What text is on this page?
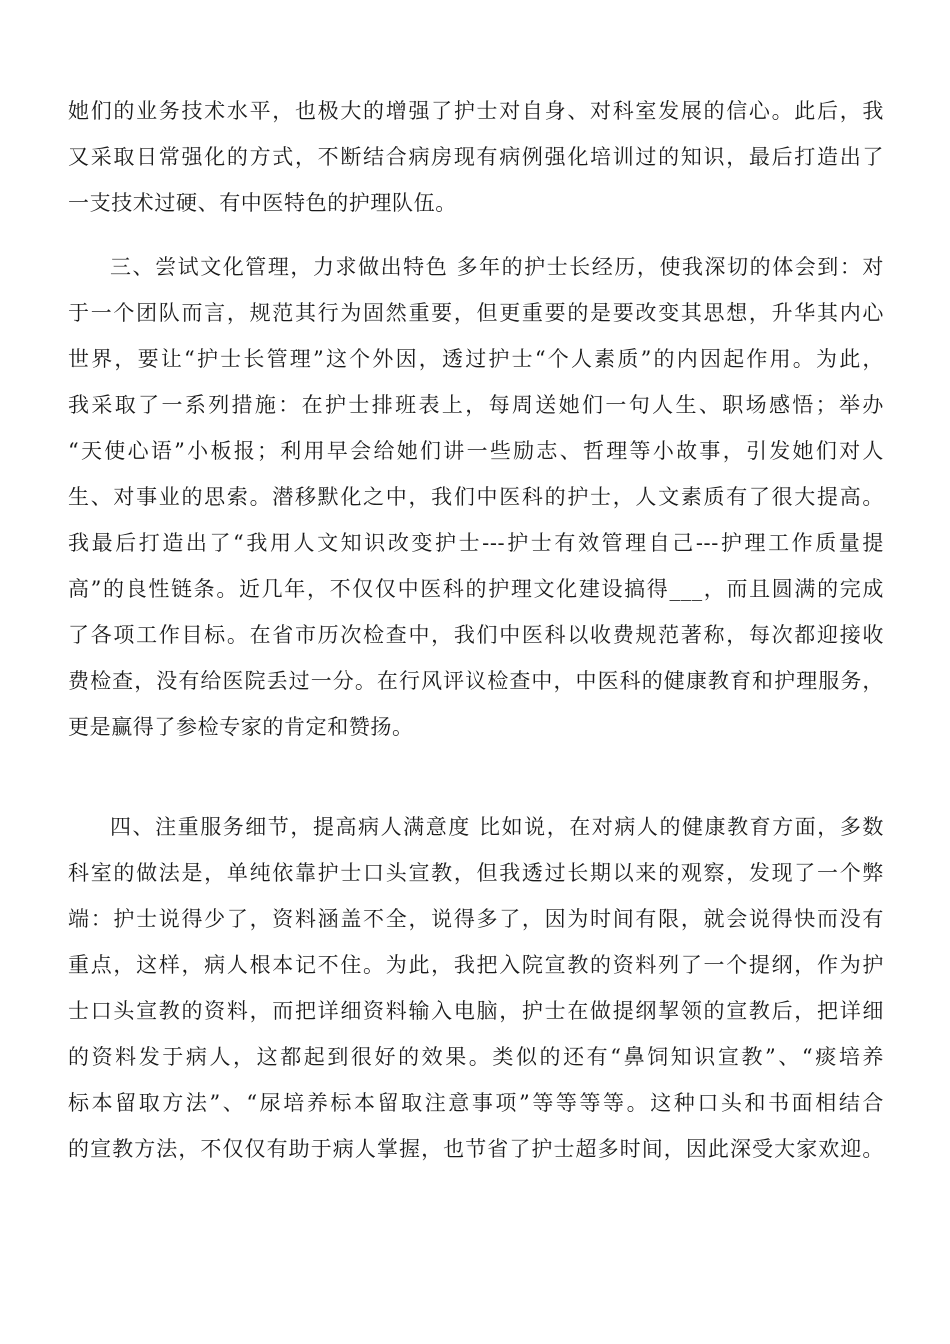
她们的业务技术水平，也极大的增强了护士对自身、对科室发展的信心。此后，我
又采取日常强化的方式，不断结合病房现有病例强化培训过的知识，最后打造出了
一支技术过硬、有中医特色的护理队伍。
三、尝试文化管理，力求做出特色 多年的护士长经历，使我深切的体会到：对
于一个团队而言，规范其行为固然重要，但更重要的是要改变其思想，升华其内心
世界，要让“护士长管理”这个外因，透过护士“个人素质”的内因起作用。为此，
我采取了一系列措施：在护士排班表上，每周送她们一句人生、职场感悟；举办
“天使心语”小板报；利用早会给她们讲一些励志、哲理等小故事，引发她们对人
生、对事业的思索。潜移默化之中，我们中医科的护士，人文素质有了很大提高。
我最后打造出了“我用人文知识改变护士---护士有效管理自己---护理工作质量提
高”的良性链条。近几年，不仅仅中医科的护理文化建设搞得___，而且圆满的完成
了各项工作目标。在省市历次检查中，我们中医科以收费规范著称，每次都迎接收
费检查，没有给医院丢过一分。在行风评议检查中，中医科的健康教育和护理服务，
更是赢得了参检专家的肯定和赞扬。
四、注重服务细节，提高病人满意度 比如说，在对病人的健康教育方面，多数
科室的做法是，单纯依靠护士口头宣教，但我透过长期以来的观察，发现了一个弊
端：护士说得少了，资料涵盖不全，说得多了，因为时间有限，就会说得快而没有
重点，这样，病人根本记不住。为此，我把入院宣教的资料列了一个提纲，作为护
士口头宣教的资料，而把详细资料输入电脑，护士在做提纲挈领的宣教后，把详细
的资料发于病人，这都起到很好的效果。类似的还有“鼻饲知识宣教”、“痰培养
标本留取方法”、“尿培养标本留取注意事项”等等等等。这种口头和书面相结合
的宣教方法，不仅仅有助于病人掌握，也节省了护士超多时间，因此深受大家欢迎。
